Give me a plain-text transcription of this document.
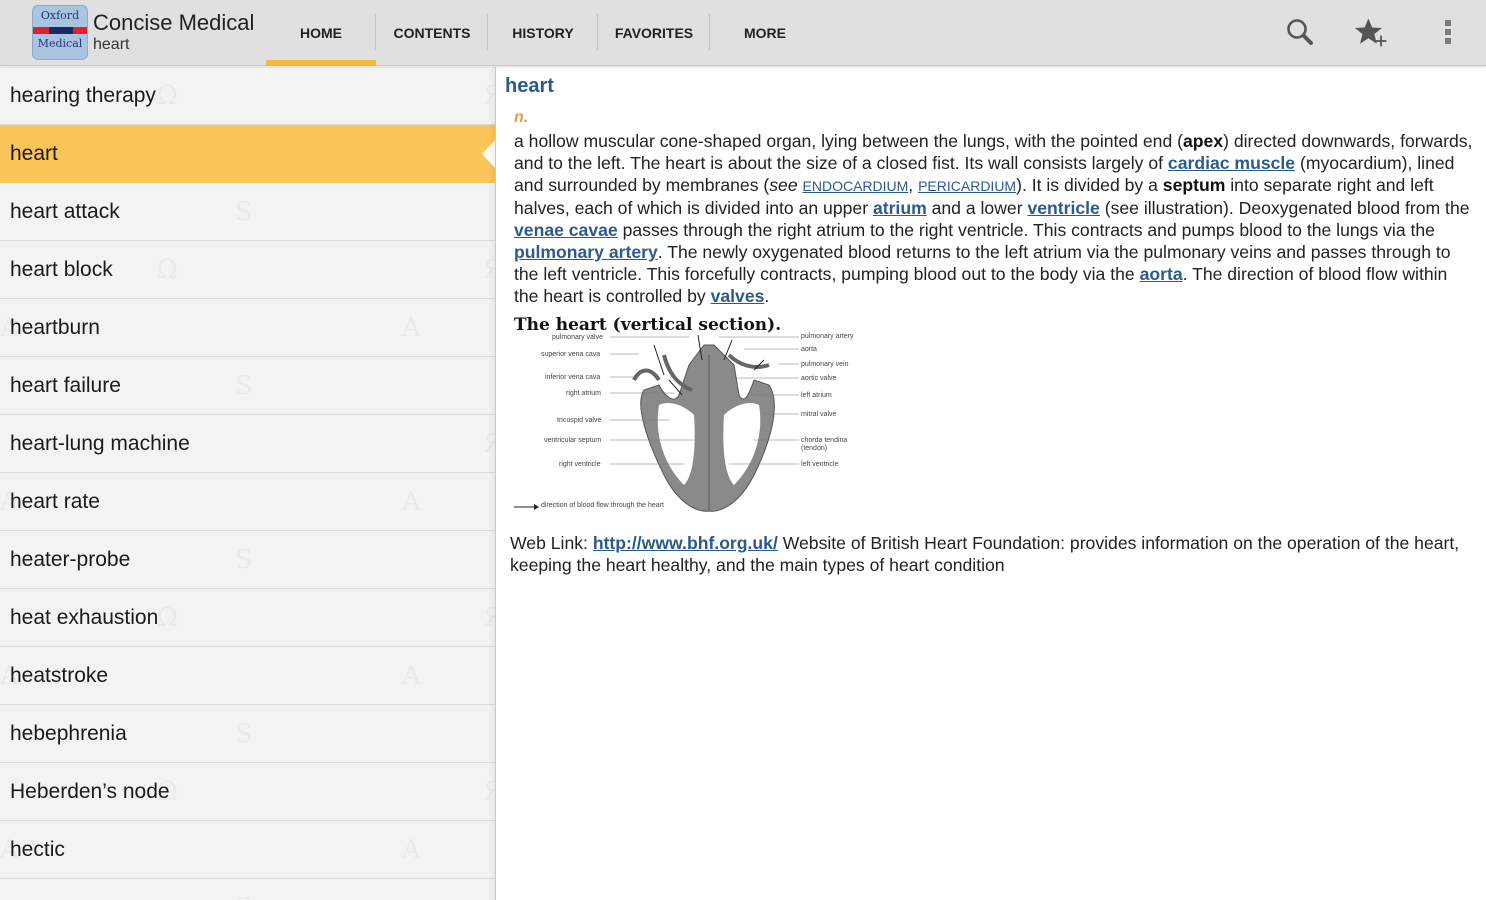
Oxford
Medical
Concise Medical
heart
HOME	CONTENTS	HISTORY	FAVORITES	MORE
hearing therapy
heart
heart attack
heart block
heartburn
heart failure
heart-lung machine
heart rate
heater-probe
heat exhaustion
heatstroke
hebephrenia
Heberden’s node
hectic
heart
n.
a hollow muscular cone-shaped organ, lying between the lungs, with the pointed end (apex) directed downwards, forwards, and to the left. The heart is about the size of a closed fist. Its wall consists largely of cardiac muscle (myocardium), lined and surrounded by membranes (see ENDOCARDIUM, PERICARDIUM). It is divided by a septum into separate right and left halves, each of which is divided into an upper atrium and a lower ventricle (see illustration). Deoxygenated blood from the venae cavae passes through the right atrium to the right ventricle. This contracts and pumps blood to the lungs via the pulmonary artery. The newly oxygenated blood returns to the left atrium via the pulmonary veins and passes through to the left ventricle. This forcefully contracts, pumping blood out to the body via the aorta. The direction of blood flow within the heart is controlled by valves.
The heart (vertical section).
pulmonary valve
superior vena cava
inferior vena cava
right atrium
tricuspid valve
ventricular septum
right ventricle
pulmonary artery
aorta
pulmonary vein
aortic valve
left atrium
mitral valve
chorda tendina
(tendon)
left ventricle
direction of blood flow through the heart
Web Link: http://www.bhf.org.uk/ Website of British Heart Foundation: provides information on the operation of the heart, keeping the heart healthy, and the main types of heart condition
